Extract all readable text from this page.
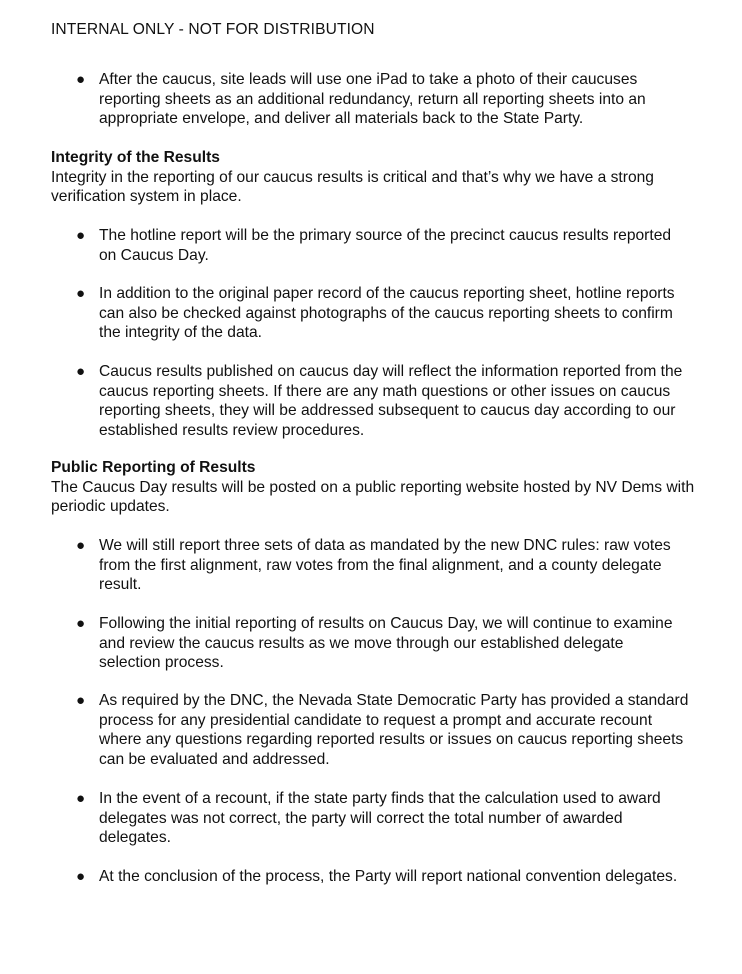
INTERNAL ONLY - NOT FOR DISTRIBUTION
● After the caucus, site leads will use one iPad to take a photo of their caucuses reporting sheets as an additional redundancy, return all reporting sheets into an appropriate envelope, and deliver all materials back to the State Party.

Integrity of the Results

Integrity in the reporting of our caucus results is critical and that’s why we have a strong verification system in place.

● The hotline report will be the primary source of the precinct caucus results reported on Caucus Day.
● In addition to the original paper record of the caucus reporting sheet, hotline reports can also be checked against photographs of the caucus reporting sheets to confirm the integrity of the data.
● Caucus results published on caucus day will reflect the information reported from the caucus reporting sheets. If there are any math questions or other issues on caucus reporting sheets, they will be addressed subsequent to caucus day according to our established results review procedures.

Public Reporting of Results

The Caucus Day results will be posted on a public reporting website hosted by NV Dems with periodic updates.

● We will still report three sets of data as mandated by the new DNC rules: raw votes from the first alignment, raw votes from the final alignment, and a county delegate result.
● Following the initial reporting of results on Caucus Day, we will continue to examine and review the caucus results as we move through our established delegate selection process.
● As required by the DNC, the Nevada State Democratic Party has provided a standard process for any presidential candidate to request a prompt and accurate recount where any questions regarding reported results or issues on caucus reporting sheets can be evaluated and addressed.
● In the event of a recount, if the state party finds that the calculation used to award delegates was not correct, the party will correct the total number of awarded delegates.
● At the conclusion of the process, the Party will report national convention delegates.
